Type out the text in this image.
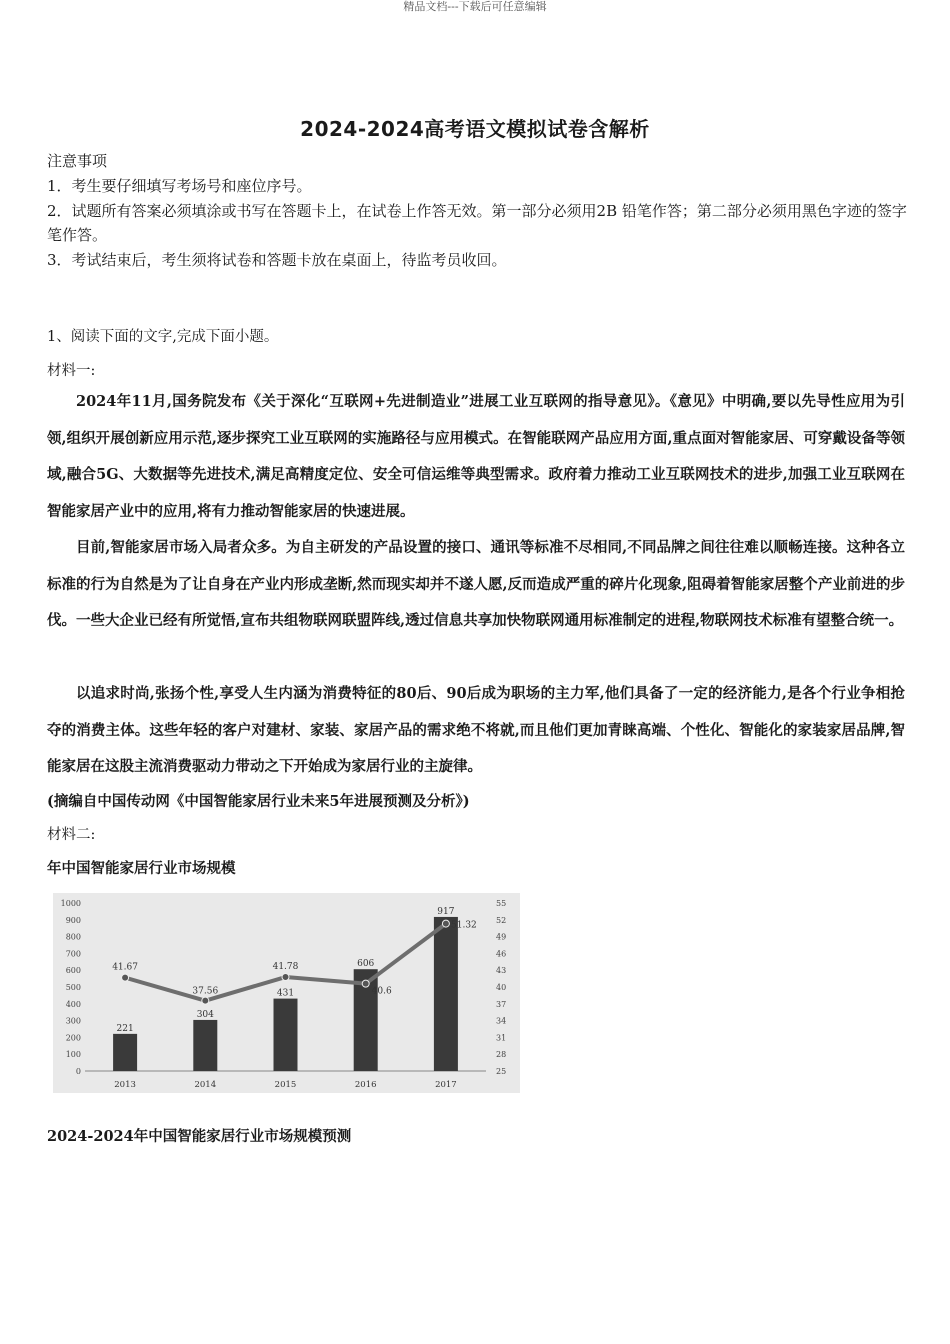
精品文档---下载后可任意编辑
2024-2024高考语文模拟试卷含解析
注意事项
1．考生要仔细填写考场号和座位序号。
2．试题所有答案必须填涂或书写在答题卡上，在试卷上作答无效。第一部分必须用2B 铅笔作答；第二部分必须用黑色字迹的签字笔作答。
3．考试结束后，考生须将试卷和答题卡放在桌面上，待监考员收回。
1、阅读下面的文字,完成下面小题。
材料一:
2024年11月,国务院发布《关于深化“互联网+先进制造业”进展工业互联网的指导意见》。《意见》中明确,要以先导性应用为引领,组织开展创新应用示范,逐步探究工业互联网的实施路径与应用模式。在智能联网产品应用方面,重点面对智能家居、可穿戴设备等领域,融合5G、大数据等先进技术,满足高精度定位、安全可信运维等典型需求。政府着力推动工业互联网技术的进步,加强工业互联网在智能家居产业中的应用,将有力推动智能家居的快速进展。
目前,智能家居市场入局者众多。为自主研发的产品设置的接口、通讯等标准不尽相同,不同品牌之间往往难以顺畅连接。这种各立标准的行为自然是为了让自身在产业内形成垄断,然而现实却并不遂人愿,反而造成严重的碎片化现象,阻碍着智能家居整个产业前进的步伐。一些大企业已经有所觉悟,宣布共组物联网联盟阵线,透过信息共享加快物联网通用标准制定的进程,物联网技术标准有望整合统一。
以追求时尚,张扬个性,享受人生内涵为消费特征的80后、90后成为职场的主力军,他们具备了一定的经济能力,是各个行业争相抢夺的消费主体。这些年轻的客户对建材、家装、家居产品的需求绝不将就,而且他们更加青睐高端、个性化、智能化的家装家居品牌,智能家居在这股主流消费驱动力带动之下开始成为家居行业的主旋律。
(摘编自中国传动网《中国智能家居行业未来5年进展预测及分析》)
材料二:
年中国智能家居行业市场规模
0
100
200
300
400
500
600
700
800
900
1000
25
28
31
34
37
40
43
46
49
52
55
221
2013
304
2014
431
2015
606
2016
917
2017
41.67
37.56
41.78
40.6
51.32
2024-2024年中国智能家居行业市场规模预测
